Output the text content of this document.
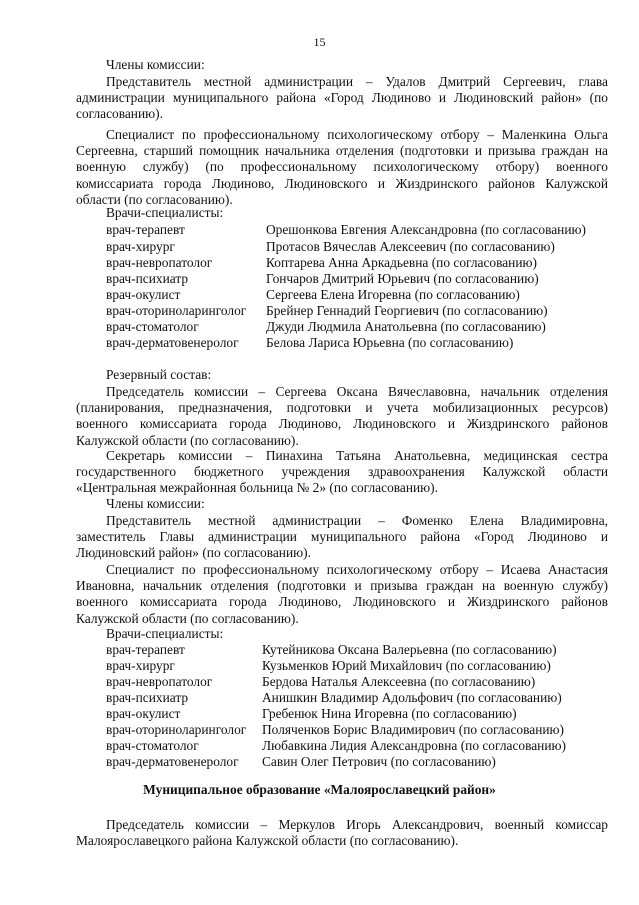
15
Члены комиссии:
Представитель местной администрации – Удалов Дмитрий Сергеевич, глава
администрации муниципального района «Город Людиново и Людиновский район» (по
согласованию).
Специалист по профессиональному психологическому отбору – Маленкина Ольга
Сергеевна, старший помощник начальника отделения (подготовки и призыва граждан на
военную службу) (по профессиональному психологическому отбору) военного
комиссариата города Людиново, Людиновского и Жиздринского районов Калужской
области (по согласованию).
Врачи-специалисты:
врач-терапевт	Орешонкова Евгения Александровна (по согласованию)
врач-хирург	Протасов Вячеслав Алексеевич (по согласованию)
врач-невропатолог	Коптарева Анна Аркадьевна (по согласованию)
врач-психиатр	Гончаров Дмитрий Юрьевич (по согласованию)
врач-окулист	Сергеева Елена Игоревна (по согласованию)
врач-оториноларинголог Брейнер Геннадий Георгиевич (по согласованию)
врач-стоматолог	Джуди Людмила Анатольевна (по согласованию)
врач-дерматовенеролог Белова Лариса Юрьевна (по согласованию)
Резервный состав:
Председатель комиссии – Сергеева Оксана Вячеславовна, начальник отделения
(планирования, предназначения, подготовки и учета мобилизационных ресурсов)
военного комиссариата города Людиново, Людиновского и Жиздринского районов
Калужской области (по согласованию).
Секретарь комиссии – Пинахина Татьяна Анатольевна, медицинская сестра
государственного бюджетного учреждения здравоохранения Калужской области
«Центральная межрайонная больница № 2» (по согласованию).
Члены комиссии:
Представитель местной администрации – Фоменко Елена Владимировна,
заместитель Главы администрации муниципального района «Город Людиново и
Людиновский район» (по согласованию).
Специалист по профессиональному психологическому отбору – Исаева Анастасия
Ивановна, начальник отделения (подготовки и призыва граждан на военную службу)
военного комиссариата города Людиново, Людиновского и Жиздринского районов
Калужской области (по согласованию).
Врачи-специалисты:
врач-терапевт	Кутейникова Оксана Валерьевна (по согласованию)
врач-хирург	Кузьменков Юрий Михайлович (по согласованию)
врач-невропатолог	Бердова Наталья Алексеевна (по согласованию)
врач-психиатр	Анишкин Владимир Адольфович (по согласованию)
врач-окулист	Гребенюк Нина Игоревна (по согласованию)
врач-оториноларинголог Поляченков Борис Владимирович (по согласованию)
врач-стоматолог	Любавкина Лидия Александровна (по согласованию)
врач-дерматовенеролог Савин Олег Петрович (по согласованию)
Муниципальное образование «Малоярославецкий район»
Председатель комиссии – Меркулов Игорь Александрович, военный комиссар
Малоярославецкого района Калужской области (по согласованию).
